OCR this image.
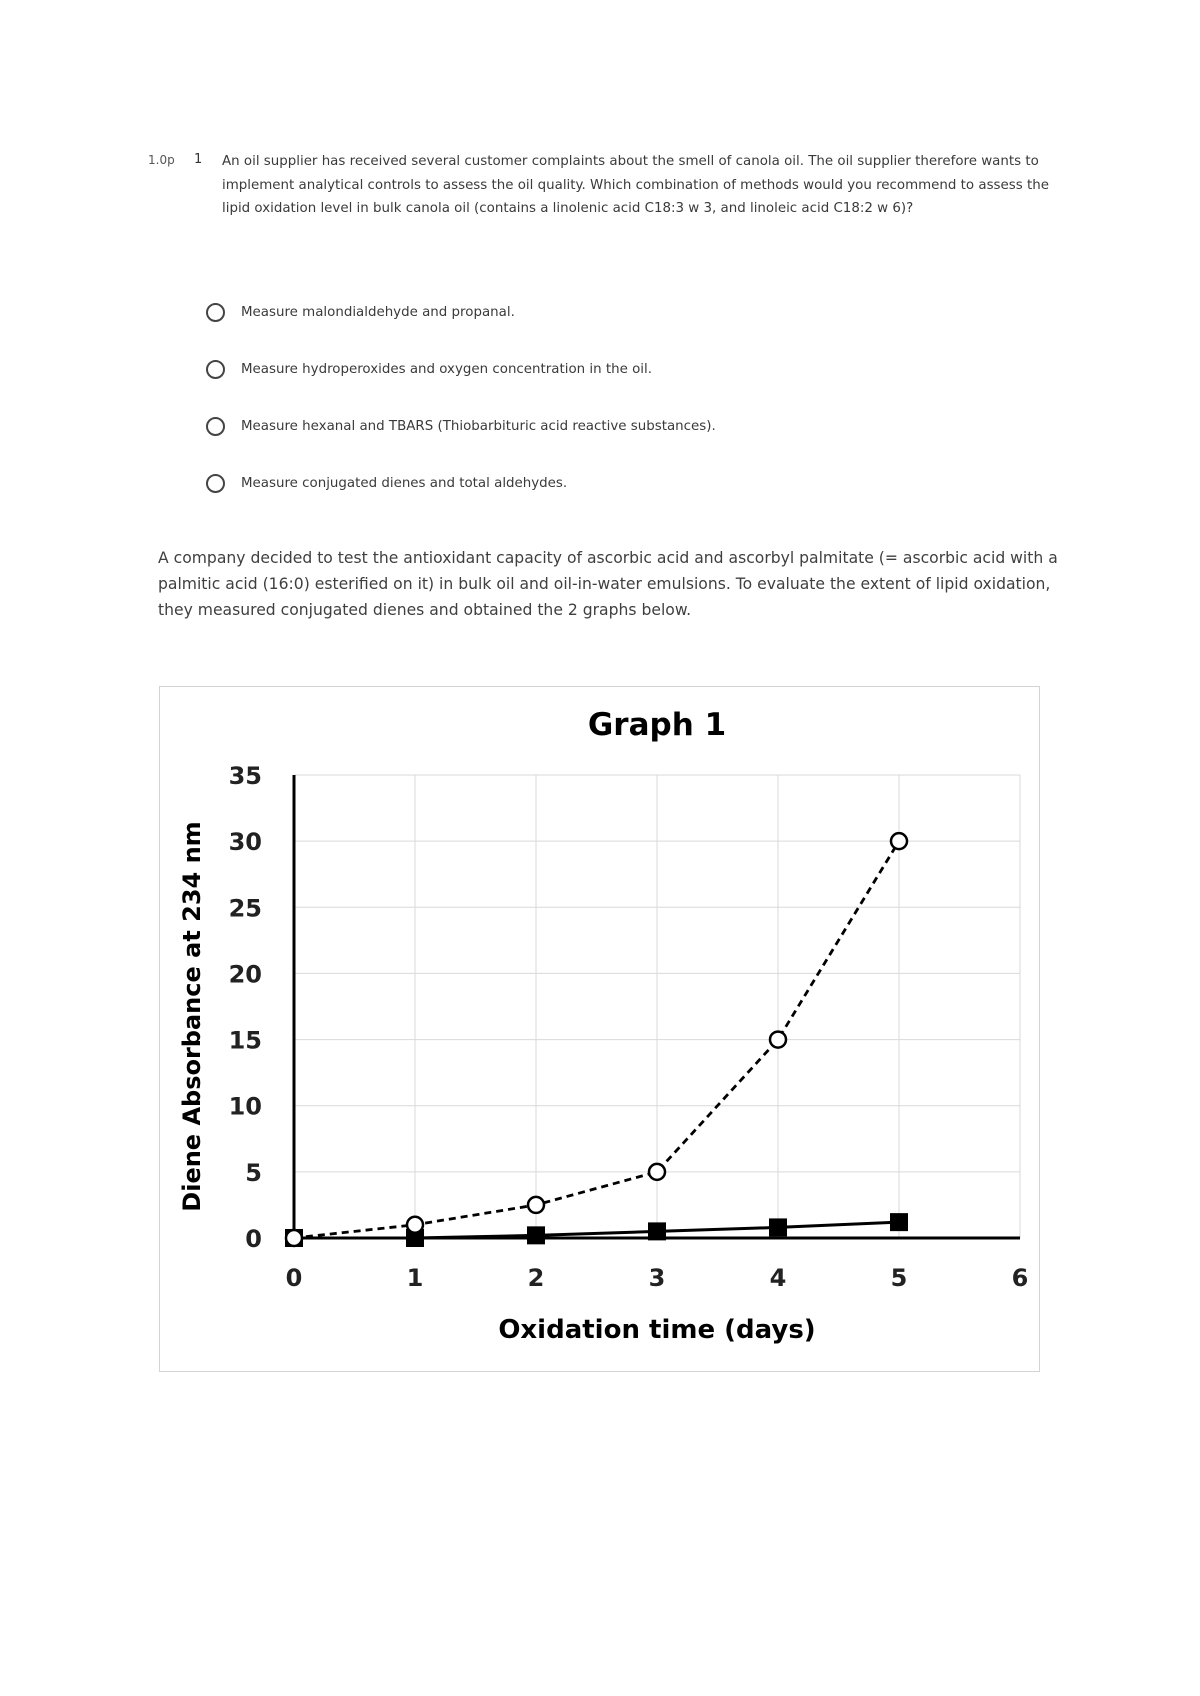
1.0p	1	An oil supplier has received several customer complaints about the smell of canola oil. The oil supplier therefore wants to implement analytical controls to assess the oil quality. Which combination of methods would you recommend to assess the lipid oxidation level in bulk canola oil (contains a linolenic acid C18:3 w 3, and linoleic acid C18:2 w 6)?
Measure malondialdehyde and propanal.
Measure hydroperoxides and oxygen concentration in the oil.
Measure hexanal and TBARS (Thiobarbituric acid reactive substances).
Measure conjugated dienes and total aldehydes.
A company decided to test the antioxidant capacity of ascorbic acid and ascorbyl palmitate (= ascorbic acid with a palmitic acid (16:0) esterified on it) in bulk oil and oil-in-water emulsions. To evaluate the extent of lipid oxidation, they measured conjugated dienes and obtained the 2 graphs below.
0
5
10
15
20
25
30
35
0	1	2	3	4	5	6
Graph 1
Oxidation time (days)
Diene Absorbance at 234 nm
